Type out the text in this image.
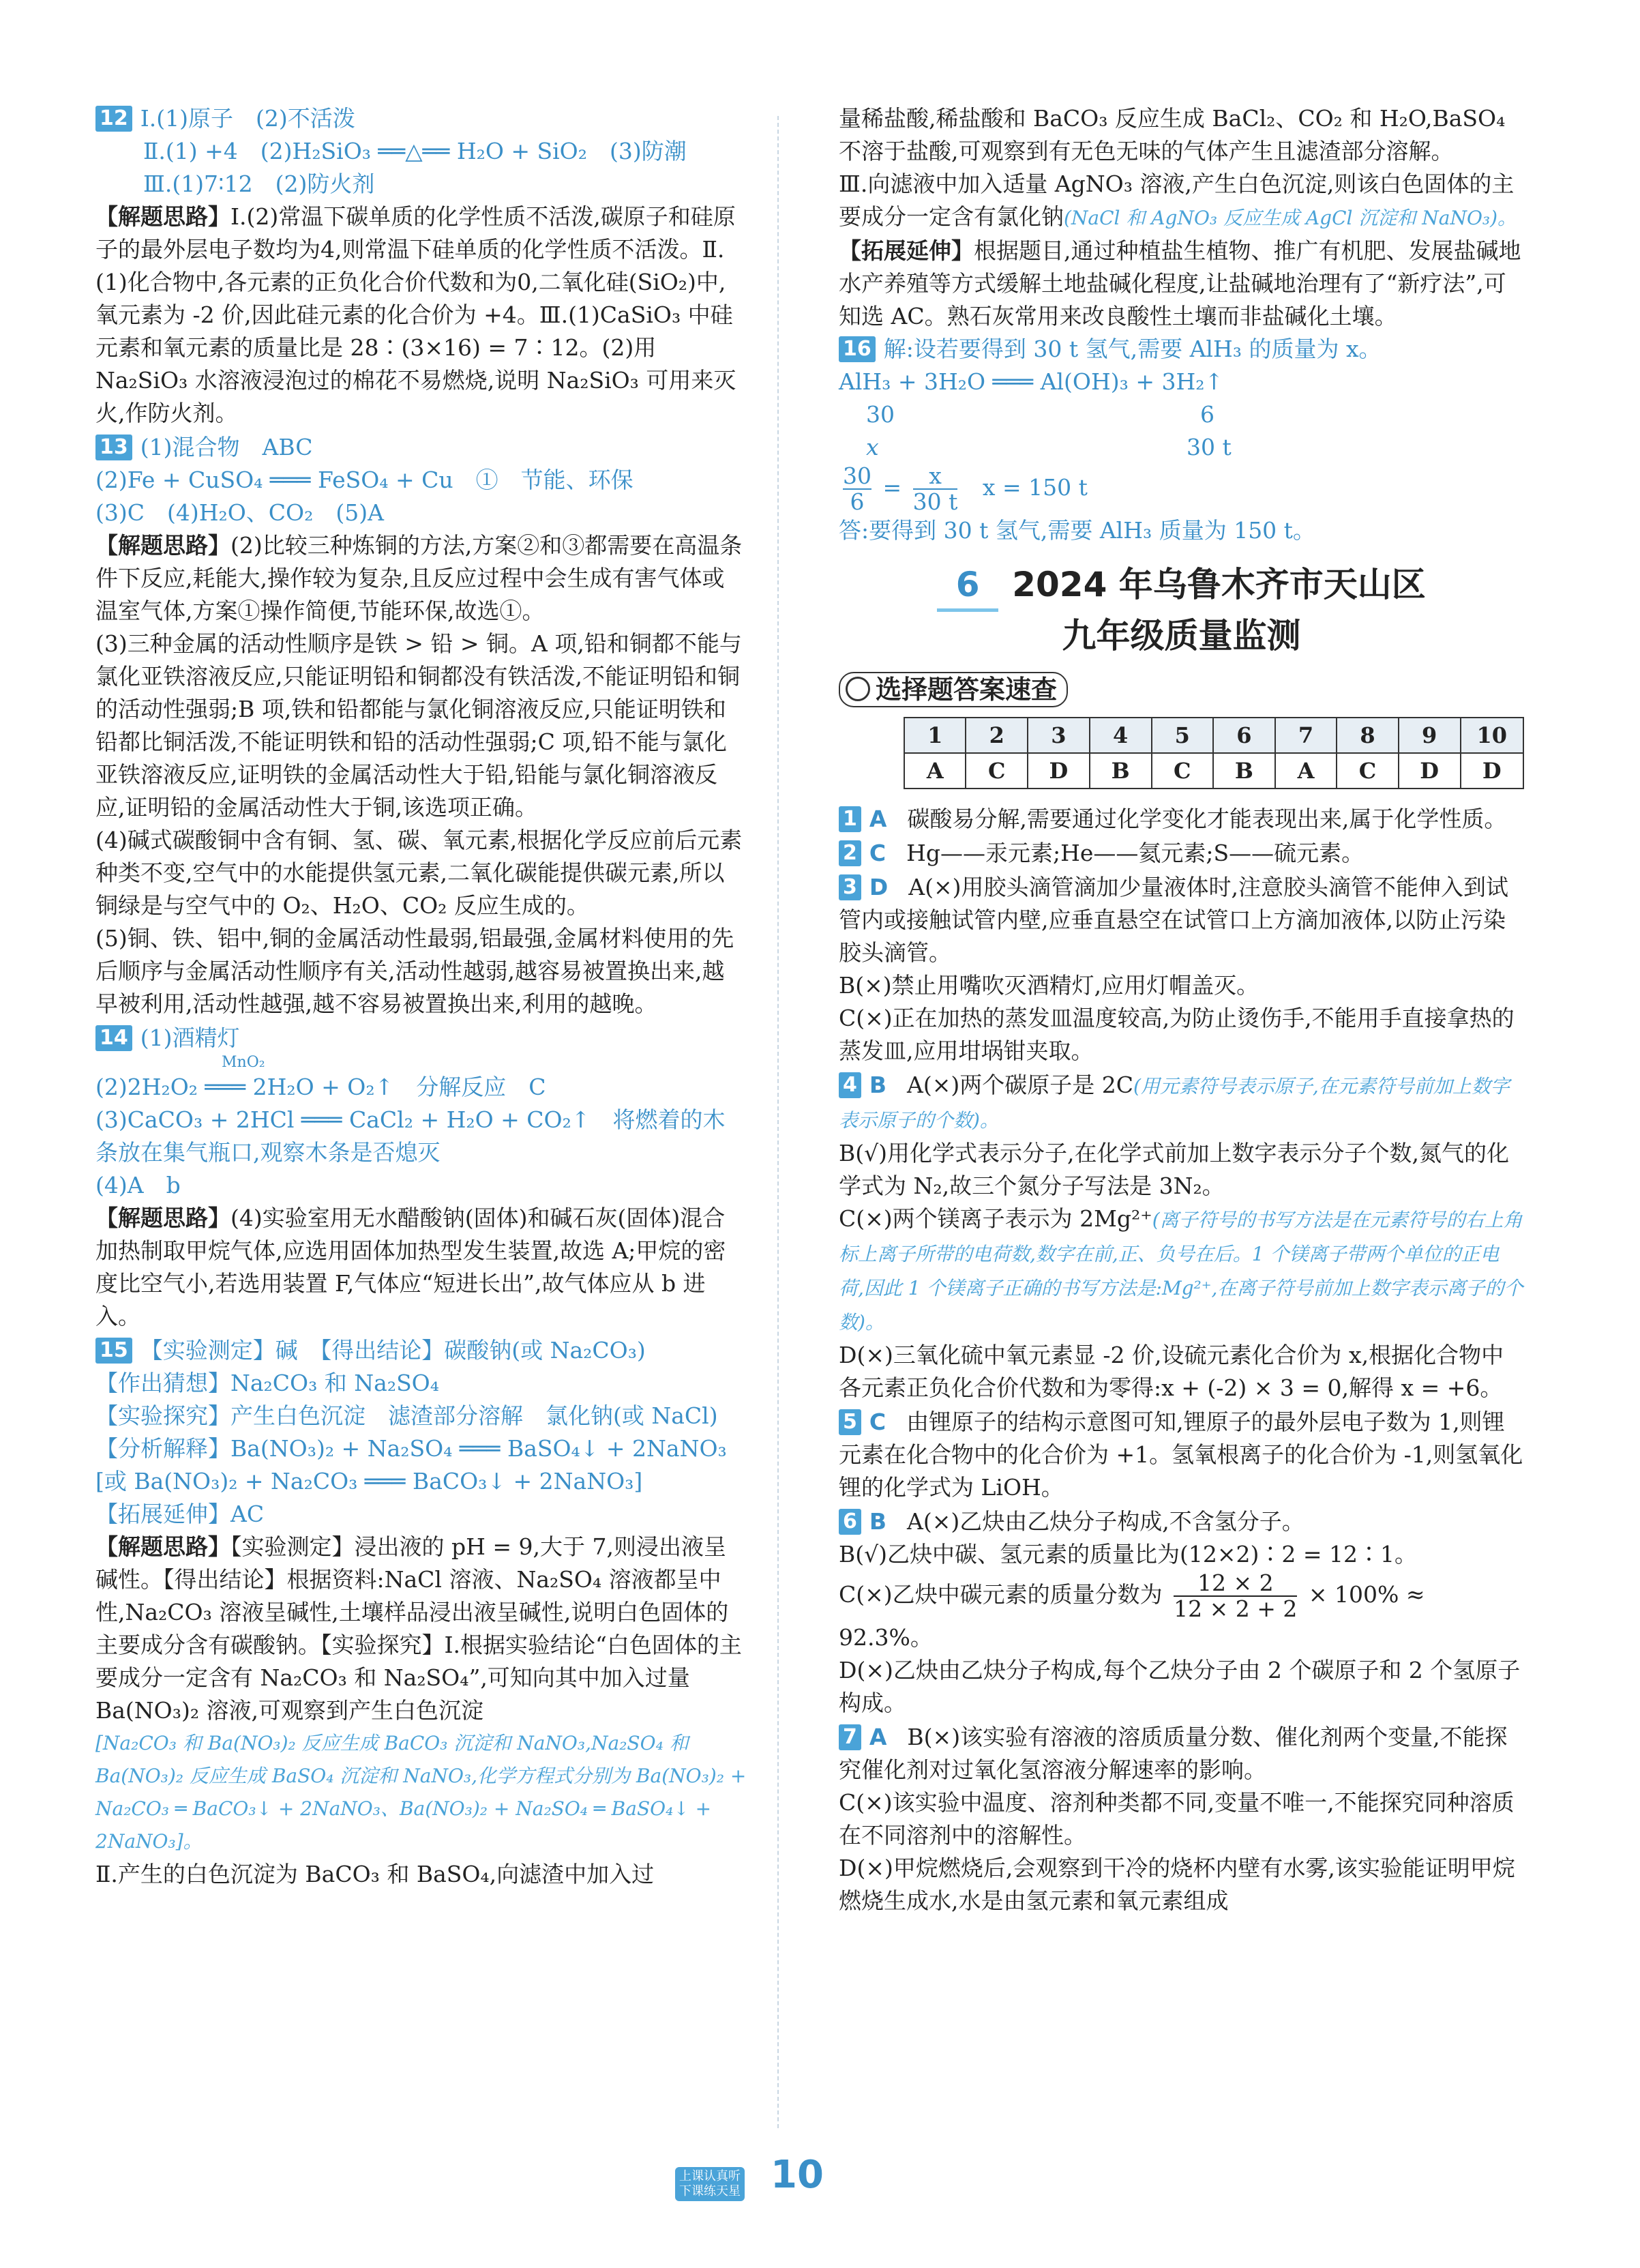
12 Ⅰ.(1)原子　(2)不活泼
Ⅱ.(1) +4　(2)H₂SiO₃ ══△══ H₂O + SiO₂　(3)防潮
Ⅲ.(1)7∶12　(2)防火剂
【解题思路】Ⅰ.(2)常温下碳单质的化学性质不活泼,碳原子和硅原子的最外层电子数均为4,则常温下硅单质的化学性质不活泼。Ⅱ.(1)化合物中,各元素的正负化合价代数和为0,二氧化硅(SiO₂)中,氧元素为 -2 价,因此硅元素的化合价为 +4。Ⅲ.(1)CaSiO₃ 中硅元素和氧元素的质量比是 28∶(3×16) = 7∶12。(2)用 Na₂SiO₃ 水溶液浸泡过的棉花不易燃烧,说明 Na₂SiO₃ 可用来灭火,作防火剂。
13 (1)混合物　ABC
(2)Fe + CuSO₄ ═══ FeSO₄ + Cu　①　节能、环保
(3)C　(4)H₂O、CO₂　(5)A
【解题思路】(2)比较三种炼铜的方法,方案②和③都需要在高温条件下反应,耗能大,操作较为复杂,且反应过程中会生成有害气体或温室气体,方案①操作简便,节能环保,故选①。
(3)三种金属的活动性顺序是铁 > 铅 > 铜。A 项,铅和铜都不能与氯化亚铁溶液反应,只能证明铅和铜都没有铁活泼,不能证明铅和铜的活动性强弱;B 项,铁和铅都能与氯化铜溶液反应,只能证明铁和铅都比铜活泼,不能证明铁和铅的活动性强弱;C 项,铅不能与氯化亚铁溶液反应,证明铁的金属活动性大于铅,铅能与氯化铜溶液反应,证明铅的金属活动性大于铜,该选项正确。
(4)碱式碳酸铜中含有铜、氢、碳、氧元素,根据化学反应前后元素种类不变,空气中的水能提供氢元素,二氧化碳能提供碳元素,所以铜绿是与空气中的 O₂、H₂O、CO₂ 反应生成的。
(5)铜、铁、铝中,铜的金属活动性最弱,铝最强,金属材料使用的先后顺序与金属活动性顺序有关,活动性越弱,越容易被置换出来,越早被利用,活动性越强,越不容易被置换出来,利用的越晚。
14 (1)酒精灯
MnO₂
(2)2H₂O₂ ═══ 2H₂O + O₂↑　分解反应　C
(3)CaCO₃ + 2HCl ═══ CaCl₂ + H₂O + CO₂↑　将燃着的木条放在集气瓶口,观察木条是否熄灭
(4)A　b
【解题思路】(4)实验室用无水醋酸钠(固体)和碱石灰(固体)混合加热制取甲烷气体,应选用固体加热型发生装置,故选 A;甲烷的密度比空气小,若选用装置 F,气体应“短进长出”,故气体应从 b 进入。
15 【实验测定】碱　【得出结论】碳酸钠(或 Na₂CO₃)
【作出猜想】Na₂CO₃ 和 Na₂SO₄
【实验探究】产生白色沉淀　滤渣部分溶解　氯化钠(或 NaCl)
【分析解释】Ba(NO₃)₂ + Na₂SO₄ ═══ BaSO₄↓ + 2NaNO₃
[或 Ba(NO₃)₂ + Na₂CO₃ ═══ BaCO₃↓ + 2NaNO₃]
【拓展延伸】AC
【解题思路】【实验测定】浸出液的 pH = 9,大于 7,则浸出液呈碱性。【得出结论】根据资料:NaCl 溶液、Na₂SO₄ 溶液都呈中性,Na₂CO₃ 溶液呈碱性,土壤样品浸出液呈碱性,说明白色固体的主要成分含有碳酸钠。【实验探究】Ⅰ.根据实验结论“白色固体的主要成分一定含有 Na₂CO₃ 和 Na₂SO₄”,可知向其中加入过量 Ba(NO₃)₂ 溶液,可观察到产生白色沉淀
[Na₂CO₃ 和 Ba(NO₃)₂ 反应生成 BaCO₃ 沉淀和 NaNO₃,Na₂SO₄ 和 Ba(NO₃)₂ 反应生成 BaSO₄ 沉淀和 NaNO₃,化学方程式分别为 Ba(NO₃)₂ + Na₂CO₃ ═ BaCO₃↓ + 2NaNO₃、Ba(NO₃)₂ + Na₂SO₄ ═ BaSO₄↓ + 2NaNO₃]。
Ⅱ.产生的白色沉淀为 BaCO₃ 和 BaSO₄,向滤渣中加入过
量稀盐酸,稀盐酸和 BaCO₃ 反应生成 BaCl₂、CO₂ 和 H₂O,BaSO₄ 不溶于盐酸,可观察到有无色无味的气体产生且滤渣部分溶解。
Ⅲ.向滤液中加入适量 AgNO₃ 溶液,产生白色沉淀,则该白色固体的主要成分一定含有氯化钠(NaCl 和 AgNO₃ 反应生成 AgCl 沉淀和 NaNO₃)。
【拓展延伸】根据题目,通过种植盐生植物、推广有机肥、发展盐碱地水产养殖等方式缓解土地盐碱化程度,让盐碱地治理有了“新疗法”,可知选 AC。熟石灰常用来改良酸性土壤而非盐碱化土壤。
16 解:设若要得到 30 t 氢气,需要 AlH₃ 的质量为 x。
AlH₃ + 3H₂O ═══ Al(OH)₃ + 3H₂↑
30	6
x	30 t
$\frac{30}{6} = \frac{x}{30 t}$ x = 150 t
答:要得到 30 t 氢气,需要 AlH₃ 质量为 150 t。
6 2024 年乌鲁木齐市天山区
九年级质量监测
选择题答案速查
1	2	3	4	5	6	7	8	9	10
A	C	D	B	C	B	A	C	D	D
1 A 碳酸易分解,需要通过化学变化才能表现出来,属于化学性质。
2 C Hg——汞元素;He——氦元素;S——硫元素。
3 D A(×)用胶头滴管滴加少量液体时,注意胶头滴管不能伸入到试管内或接触试管内壁,应垂直悬空在试管口上方滴加液体,以防止污染胶头滴管。
B(×)禁止用嘴吹灭酒精灯,应用灯帽盖灭。
C(×)正在加热的蒸发皿温度较高,为防止烫伤手,不能用手直接拿热的蒸发皿,应用坩埚钳夹取。
4 B A(×)两个碳原子是 2C(用元素符号表示原子,在元素符号前加上数字表示原子的个数)。
B(√)用化学式表示分子,在化学式前加上数字表示分子个数,氮气的化学式为 N₂,故三个氮分子写法是 3N₂。
C(×)两个镁离子表示为 2Mg²⁺(离子符号的书写方法是在元素符号的右上角标上离子所带的电荷数,数字在前,正、负号在后。1 个镁离子带两个单位的正电荷,因此 1 个镁离子正确的书写方法是:Mg²⁺,在离子符号前加上数字表示离子的个数)。
D(×)三氧化硫中氧元素显 -2 价,设硫元素化合价为 x,根据化合物中各元素正负化合价代数和为零得:x + (-2) × 3 = 0,解得 x = +6。
5 C 由锂原子的结构示意图可知,锂原子的最外层电子数为 1,则锂元素在化合物中的化合价为 +1。氢氧根离子的化合价为 -1,则氢氧化锂的化学式为 LiOH。
6 B A(×)乙炔由乙炔分子构成,不含氢分子。
B(√)乙炔中碳、氢元素的质量比为(12×2)∶2 = 12∶1。
C(×)乙炔中碳元素的质量分数为 $\frac{12 \times 2}{12 \times 2 + 2} \times 100\%$ ≈
92.3%。
D(×)乙炔由乙炔分子构成,每个乙炔分子由 2 个碳原子和 2 个氢原子构成。
7 A B(×)该实验有溶液的溶质质量分数、催化剂两个变量,不能探究催化剂对过氧化氢溶液分解速率的影响。
C(×)该实验中温度、溶剂种类都不同,变量不唯一,不能探究同种溶质在不同溶剂中的溶解性。
D(×)甲烷燃烧后,会观察到干冷的烧杯内壁有水雾,该实验能证明甲烷燃烧生成水,水是由氢元素和氧元素组成
上课认真听
下课练天星 10
